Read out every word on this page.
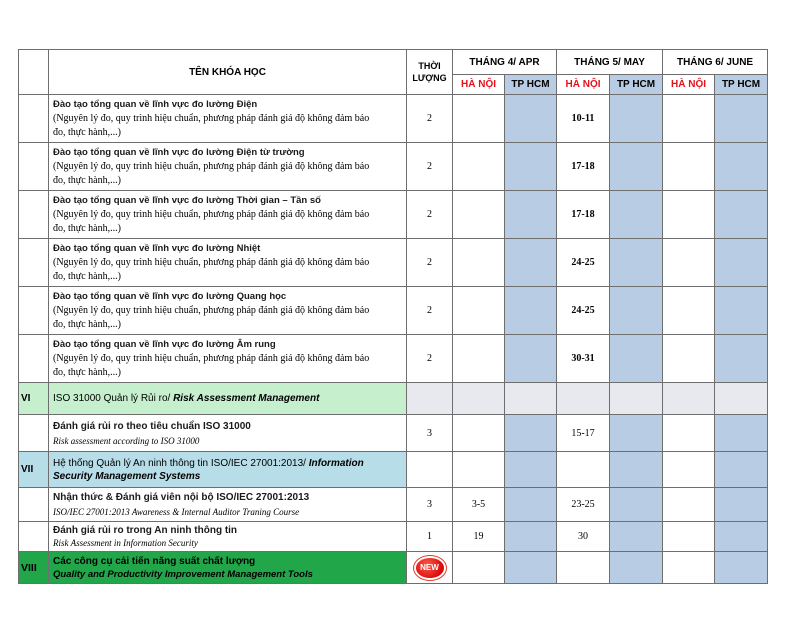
	TÊN KHÓA HỌC	THỜI
LƯỢNG	THÁNG 4/ APR		THÁNG 5/ MAY		THÁNG 6/ JUNE	
			HÀ NỘI	TP HCM	HÀ NỘI	TP HCM	HÀ NỘI	TP HCM

	Đào tạo tổng quan về lĩnh vực đo lường Điện
(Nguyên lý đo, quy trình hiệu chuẩn, phương pháp đánh giá độ không đảm bảo
đo, thực hành,...)	2			10-11			

	Đào tạo tổng quan về lĩnh vực đo lường Điện từ trường
(Nguyên lý đo, quy trình hiệu chuẩn, phương pháp đánh giá độ không đảm bảo
đo, thực hành,...)	2			17-18			

	Đào tạo tổng quan về lĩnh vực đo lường Thời gian – Tần số
(Nguyên lý đo, quy trình hiệu chuẩn, phương pháp đánh giá độ không đảm bảo
đo, thực hành,...)	2			17-18			

	Đào tạo tổng quan về lĩnh vực đo lường Nhiệt
(Nguyên lý đo, quy trình hiệu chuẩn, phương pháp đánh giá độ không đảm bảo
đo, thực hành,...)	2			24-25			

	Đào tạo tổng quan về lĩnh vực đo lường Quang học
(Nguyên lý đo, quy trình hiệu chuẩn, phương pháp đánh giá độ không đảm bảo
đo, thực hành,...)	2			24-25			

	Đào tạo tổng quan về lĩnh vực đo lường Âm rung
(Nguyên lý đo, quy trình hiệu chuẩn, phương pháp đánh giá độ không đảm bảo
đo, thực hành,...)	2			30-31			
VI	ISO 31000 Quản lý Rủi ro/ Risk Assessment Management							

	Đánh giá rủi ro theo tiêu chuẩn ISO 31000
Risk assessment according to ISO 31000	3			15-17			
VII	Hệ thống Quản lý An ninh thông tin ISO/IEC 27001:2013/ Information
Security Management Systems							

	Nhận thức & Đánh giá viên nội bộ ISO/IEC 27001:2013
ISO/IEC 27001:2013 Awareness & Internal Auditor Traning Course	3	3-5		23-25			

	Đánh giá rủi ro trong An ninh thông tin
Risk Assessment in Information Security	1	19		30			
VIII	Các công cụ cải tiến năng suất chất lượng
Quality and Productivity Improvement Management Tools	NEW						
